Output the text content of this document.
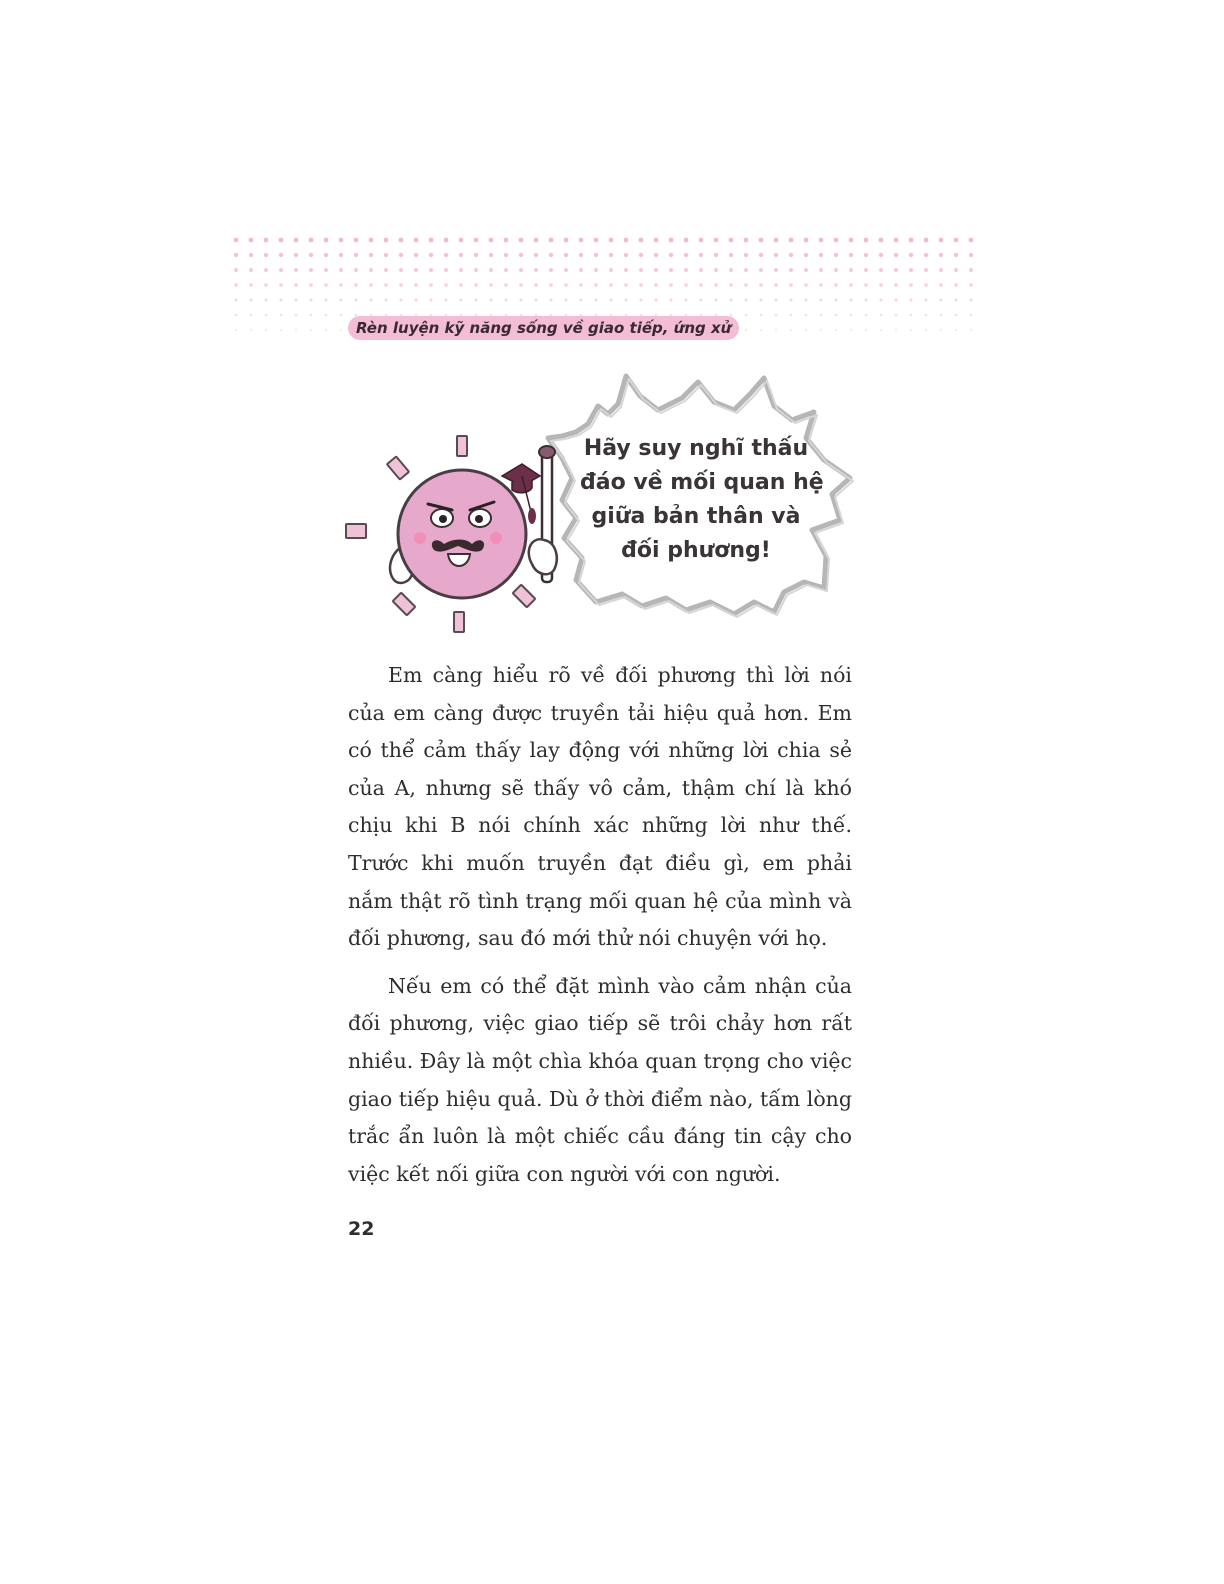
Rèn luyện kỹ năng sống về giao tiếp, ứng xử
Hãy suy nghĩ thấu
đáo về mối quan hệ
giữa bản thân và
đối phương!

Em càng hiểu rõ về đối phương thì lời nói của em càng được truyền tải hiệu quả hơn. Em có thể cảm thấy lay động với những lời chia sẻ của A, nhưng sẽ thấy vô cảm, thậm chí là khó chịu khi B nói chính xác những lời như thế. Trước khi muốn truyền đạt điều gì, em phải nắm thật rõ tình trạng mối quan hệ của mình và đối phương, sau đó mới thử nói chuyện với họ.

Nếu em có thể đặt mình vào cảm nhận của đối phương, việc giao tiếp sẽ trôi chảy hơn rất nhiều. Đây là một chìa khóa quan trọng cho việc giao tiếp hiệu quả. Dù ở thời điểm nào, tấm lòng trắc ẩn luôn là một chiếc cầu đáng tin cậy cho việc kết nối giữa con người với con người.

22
